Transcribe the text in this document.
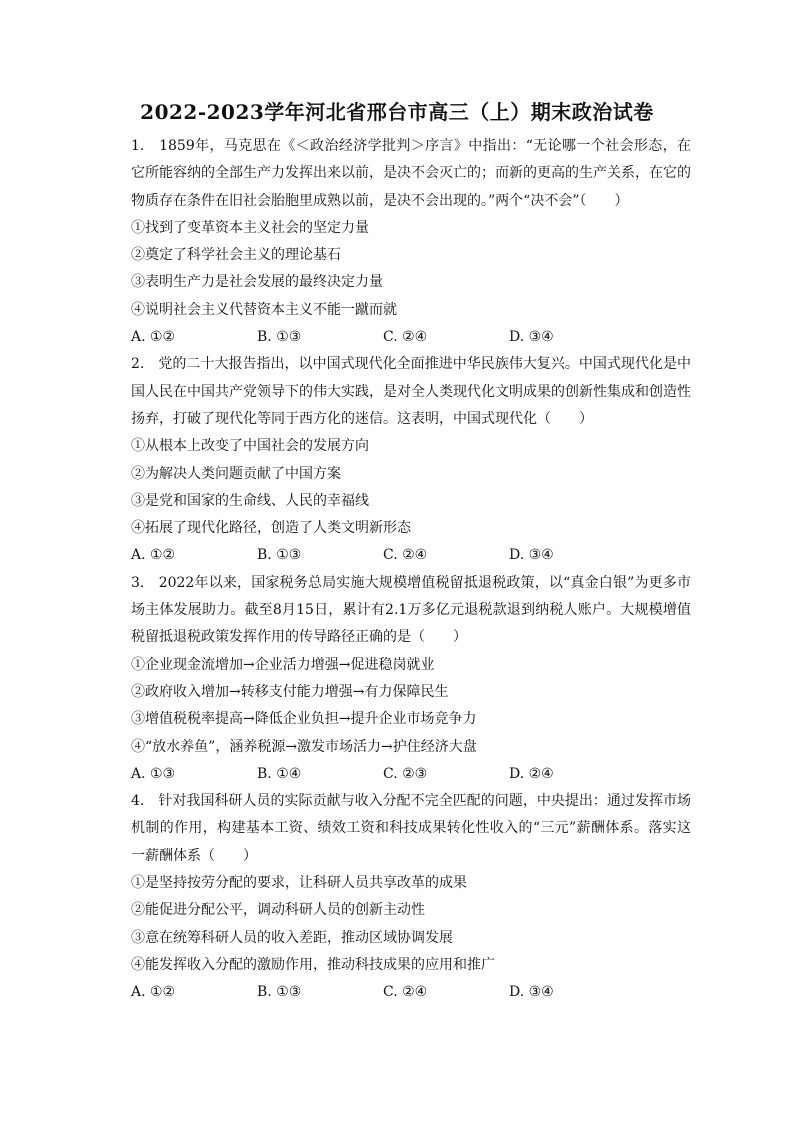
2022-2023学年河北省邢台市高三（上）期末政治试卷
1.　1859年，马克思在《＜政治经济学批判＞序言》中指出：“无论哪一个社会形态，在它所能容纳的全部生产力发挥出来以前，是决不会灭亡的；而新的更高的生产关系，在它的物质存在条件在旧社会胎胞里成熟以前，是决不会出现的。”两个“决不会”（　　）
①找到了变革资本主义社会的坚定力量
②奠定了科学社会主义的理论基石
③表明生产力是社会发展的最终决定力量
④说明社会主义代替资本主义不能一蹴而就
A. ①②	B. ①③	C. ②④	D. ③④
2.　党的二十大报告指出，以中国式现代化全面推进中华民族伟大复兴。中国式现代化是中国人民在中国共产党领导下的伟大实践，是对全人类现代化文明成果的创新性集成和创造性扬弃，打破了现代化等同于西方化的迷信。这表明，中国式现代化（　　）
①从根本上改变了中国社会的发展方向
②为解决人类问题贡献了中国方案
③是党和国家的生命线、人民的幸福线
④拓展了现代化路径，创造了人类文明新形态
A. ①②	B. ①③	C. ②④	D. ③④
3.　2022年以来，国家税务总局实施大规模增值税留抵退税政策，以“真金白银”为更多市场主体发展助力。截至8月15日，累计有2.1万多亿元退税款退到纳税人账户。大规模增值税留抵退税政策发挥作用的传导路径正确的是（　　）
①企业现金流增加→企业活力增强→促进稳岗就业
②政府收入增加→转移支付能力增强→有力保障民生
③增值税税率提高→降低企业负担→提升企业市场竞争力
④“放水养鱼”，涵养税源→激发市场活力→护住经济大盘
A. ①③	B. ①④	C. ②③	D. ②④
4.　针对我国科研人员的实际贡献与收入分配不完全匹配的问题，中央提出：通过发挥市场机制的作用，构建基本工资、绩效工资和科技成果转化性收入的“三元”薪酬体系。落实这一薪酬体系（　　）
①是坚持按劳分配的要求，让科研人员共享改革的成果
②能促进分配公平，调动科研人员的创新主动性
③意在统筹科研人员的收入差距，推动区域协调发展
④能发挥收入分配的激励作用，推动科技成果的应用和推广
A. ①②	B. ①③	C. ②④	D. ③④
